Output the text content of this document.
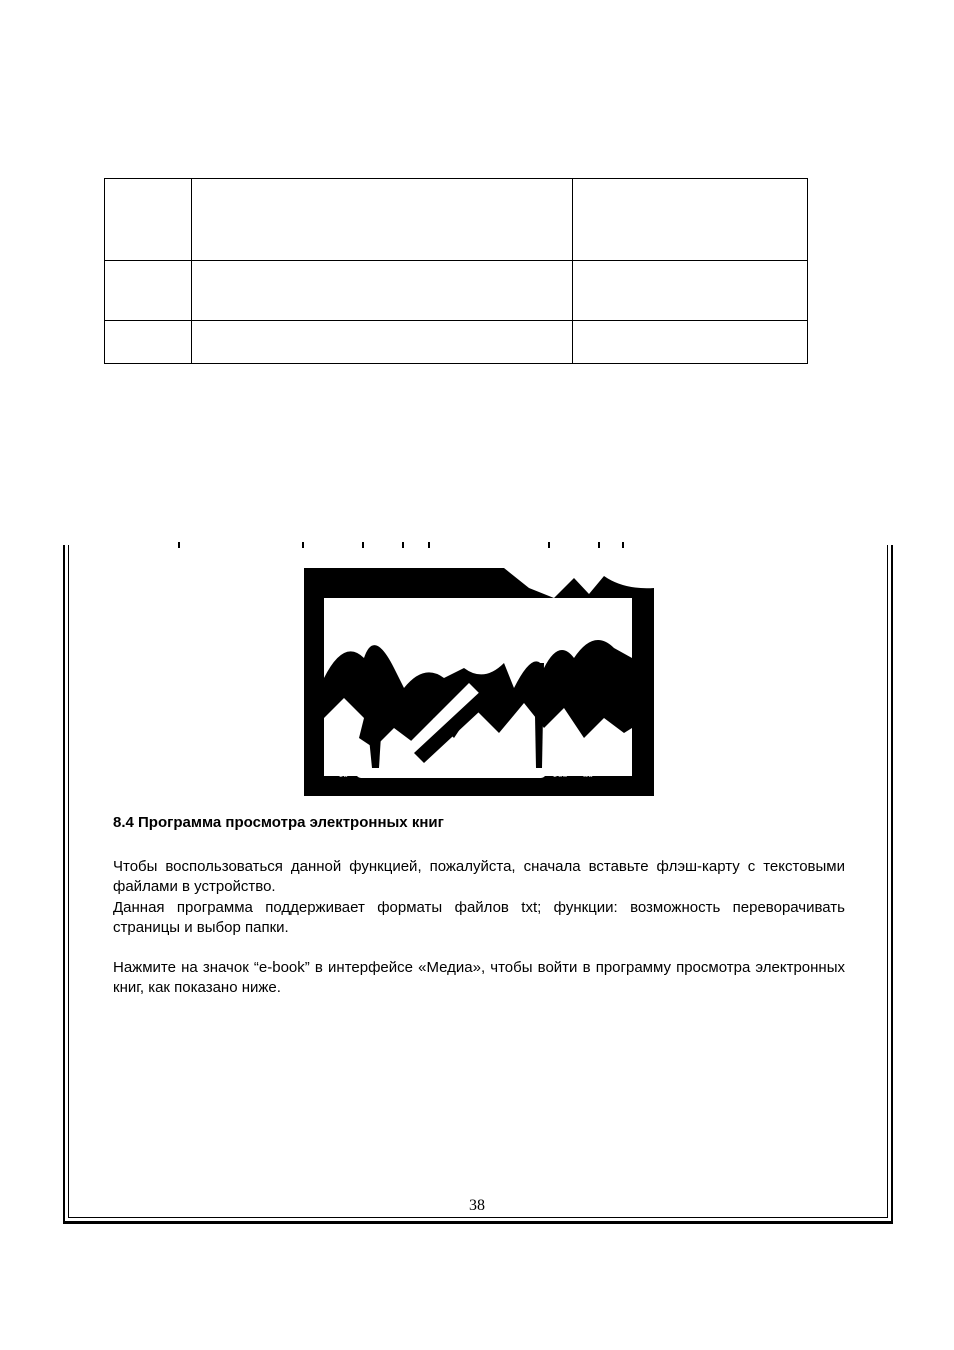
1s	10s 3s
8.4 Программа просмотра электронных книг

Чтобы воспользоваться данной функцией, пожалуйста, сначала вставьте флэш-карту с текстовыми файлами в устройство.

Данная программа поддерживает форматы файлов txt; функции: возможность переворачивать страницы и выбор папки.

Нажмите на значок “e-book” в интерфейсе «Медиа», чтобы войти в программу просмотра электронных книг, как показано ниже.

38
